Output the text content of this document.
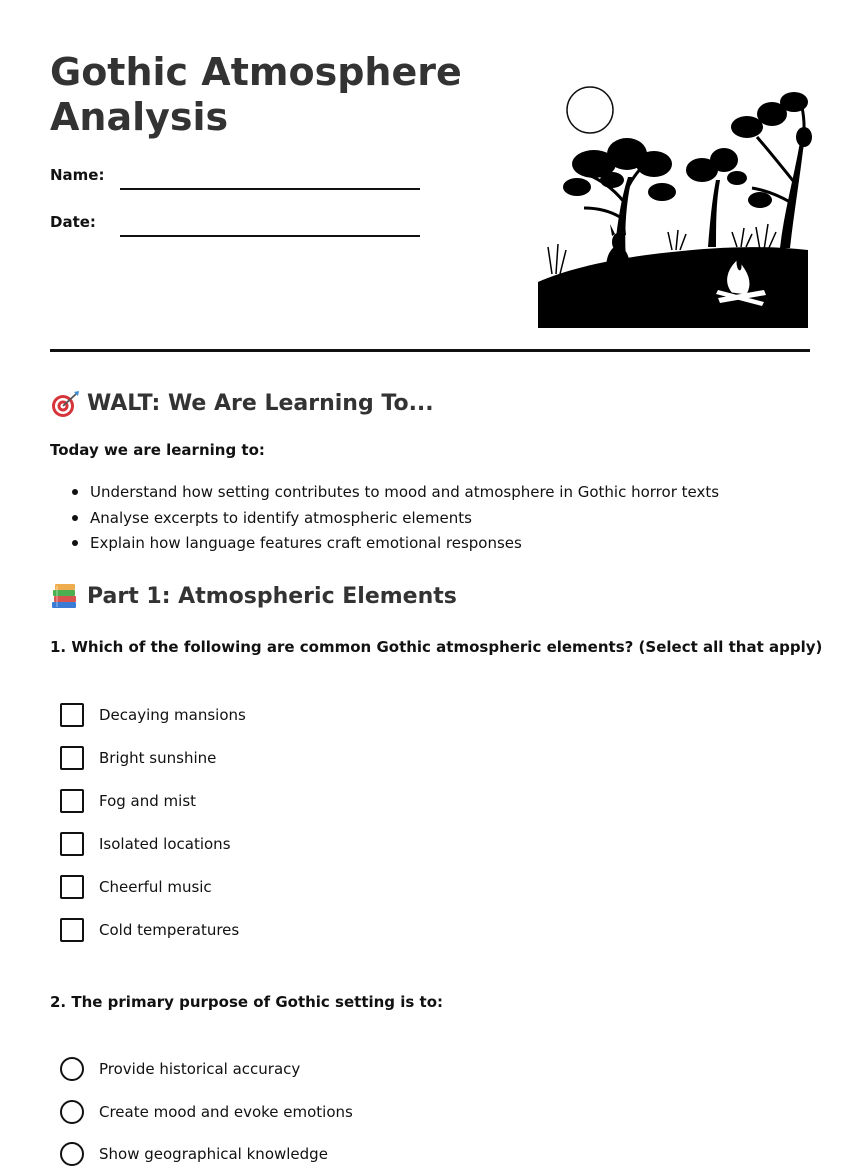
Gothic Atmosphere Analysis
Name:
Date:
WALT: We Are Learning To...
Today we are learning to:
Understand how setting contributes to mood and atmosphere in Gothic horror texts
Analyse excerpts to identify atmospheric elements
Explain how language features craft emotional responses
Part 1: Atmospheric Elements
1. Which of the following are common Gothic atmospheric elements? (Select all that apply)
Decaying mansions
Bright sunshine
Fog and mist
Isolated locations
Cheerful music
Cold temperatures
2. The primary purpose of Gothic setting is to:
Provide historical accuracy
Create mood and evoke emotions
Show geographical knowledge
